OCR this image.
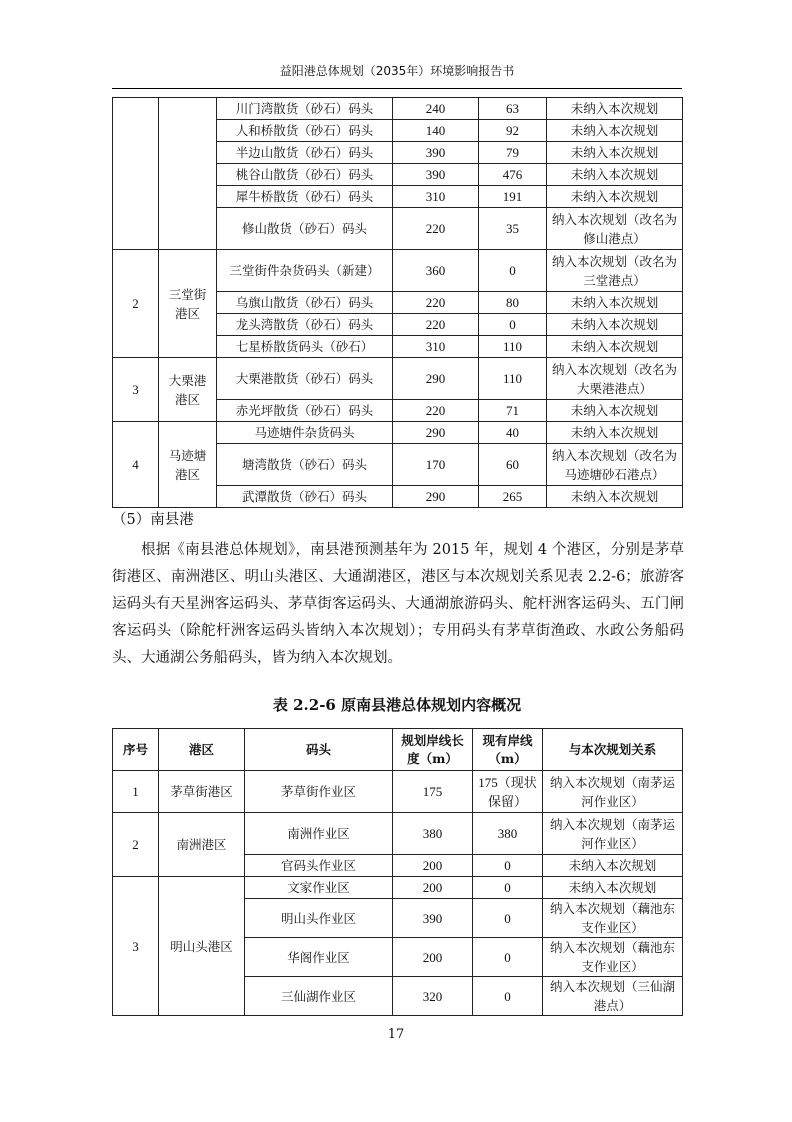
益阳港总体规划（2035年）环境影响报告书
		川门湾散货（砂石）码头	240	63	未纳入本次规划
		人和桥散货（砂石）码头	140	92	未纳入本次规划
		半边山散货（砂石）码头	390	79	未纳入本次规划
		桃谷山散货（砂石）码头	390	476	未纳入本次规划
		犀牛桥散货（砂石）码头	310	191	未纳入本次规划
		修山散货（砂石）码头	220	35	纳入本次规划（改名为修山港点）
2	三堂街港区	三堂街件杂货码头（新建）	360	0	纳入本次规划（改名为三堂港点）
		乌旗山散货（砂石）码头	220	80	未纳入本次规划
		龙头湾散货（砂石）码头	220	0	未纳入本次规划
		七星桥散货码头（砂石）	310	110	未纳入本次规划
3	大栗港港区	大栗港散货（砂石）码头	290	110	纳入本次规划（改名为大栗港港点）
		赤光坪散货（砂石）码头	220	71	未纳入本次规划
4	马迹塘港区	马迹塘件杂货码头	290	40	未纳入本次规划
		塘湾散货（砂石）码头	170	60	纳入本次规划（改名为马迹塘砂石港点）
		武潭散货（砂石）码头	290	265	未纳入本次规划
（5）南县港

根据《南县港总体规划》，南县港预测基年为 2015 年，规划 4 个港区，分别是茅草街港区、南洲港区、明山头港区、大通湖港区，港区与本次规划关系见表 2.2-6；旅游客运码头有天星洲客运码头、茅草街客运码头、大通湖旅游码头、舵杆洲客运码头、五门闸客运码头（除舵杆洲客运码头皆纳入本次规划）；专用码头有茅草街渔政、水政公务船码头、大通湖公务船码头，皆为纳入本次规划。

表 2.2-6 原南县港总体规划内容概况
序号	港区	码头	规划岸线长度（m）	现有岸线（m）	与本次规划关系
1	茅草街港区	茅草街作业区	175	175（现状保留）	纳入本次规划（南茅运河作业区）
2	南洲港区	南洲作业区	380	380	纳入本次规划（南茅运河作业区）
		官码头作业区	200	0	未纳入本次规划
3	明山头港区	文家作业区	200	0	未纳入本次规划
		明山头作业区	390	0	纳入本次规划（藕池东支作业区）
		华阁作业区	200	0	纳入本次规划（藕池东支作业区）
		三仙湖作业区	320	0	纳入本次规划（三仙湖港点）
17
